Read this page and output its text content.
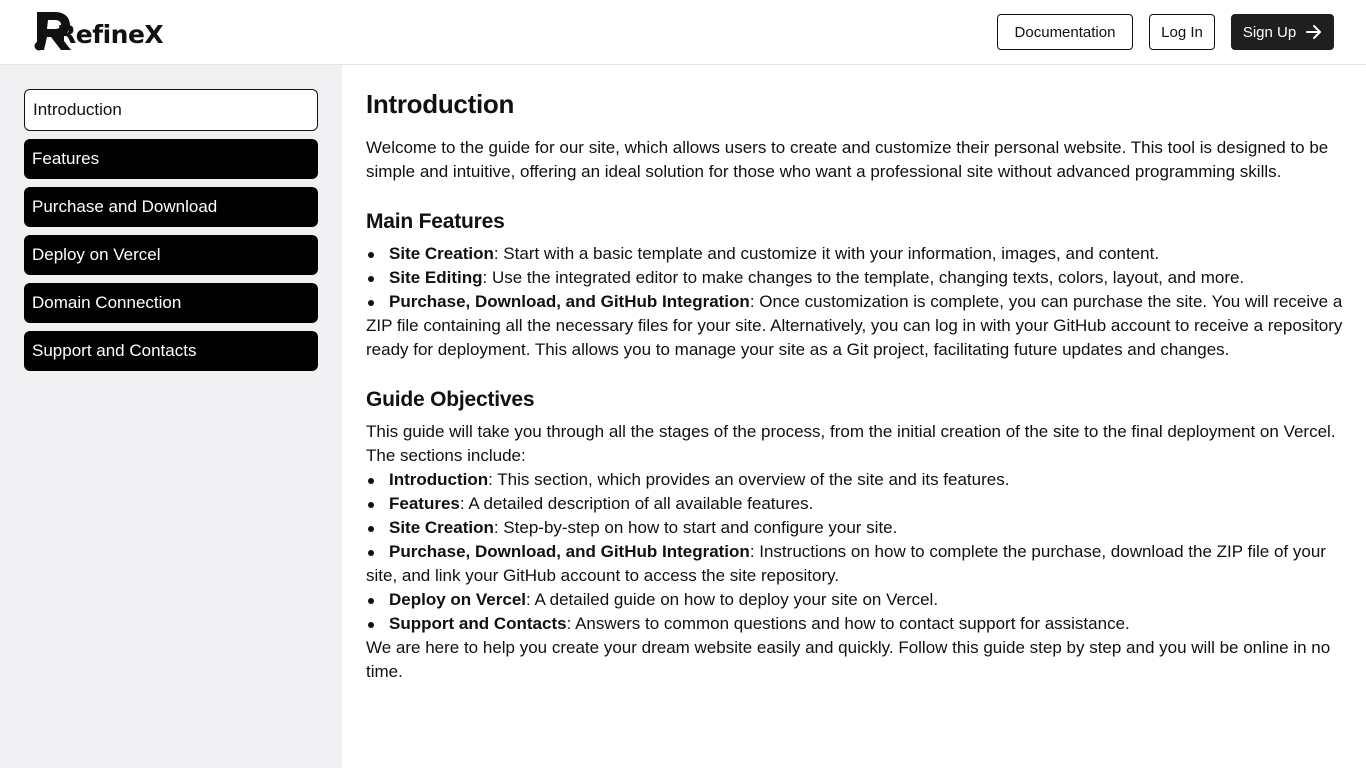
RefineX	Documentation	Log In	Sign Up
Introduction
Features
Purchase and Download
Deploy on Vercel
Domain Connection
Support and Contacts
Introduction

Welcome to the guide for our site, which allows users to create and customize their personal website. This tool is designed to be simple and intuitive, offering an ideal solution for those who want a professional site without advanced programming skills.

Main Features
Site Creation: Start with a basic template and customize it with your information, images, and content.
Site Editing: Use the integrated editor to make changes to the template, changing texts, colors, layout, and more.
Purchase, Download, and GitHub Integration: Once customization is complete, you can purchase the site. You will receive a ZIP file containing all the necessary files for your site. Alternatively, you can log in with your GitHub account to receive a repository ready for deployment. This allows you to manage your site as a Git project, facilitating future updates and changes.
Guide Objectives

This guide will take you through all the stages of the process, from the initial creation of the site to the final deployment on Vercel. The sections include:

Introduction: This section, which provides an overview of the site and its features.
Features: A detailed description of all available features.
Site Creation: Step-by-step on how to start and configure your site.
Purchase, Download, and GitHub Integration: Instructions on how to complete the purchase, download the ZIP file of your site, and link your GitHub account to access the site repository.
Deploy on Vercel: A detailed guide on how to deploy your site on Vercel.
Support and Contacts: Answers to common questions and how to contact support for assistance.

We are here to help you create your dream website easily and quickly. Follow this guide step by step and you will be online in no time.
